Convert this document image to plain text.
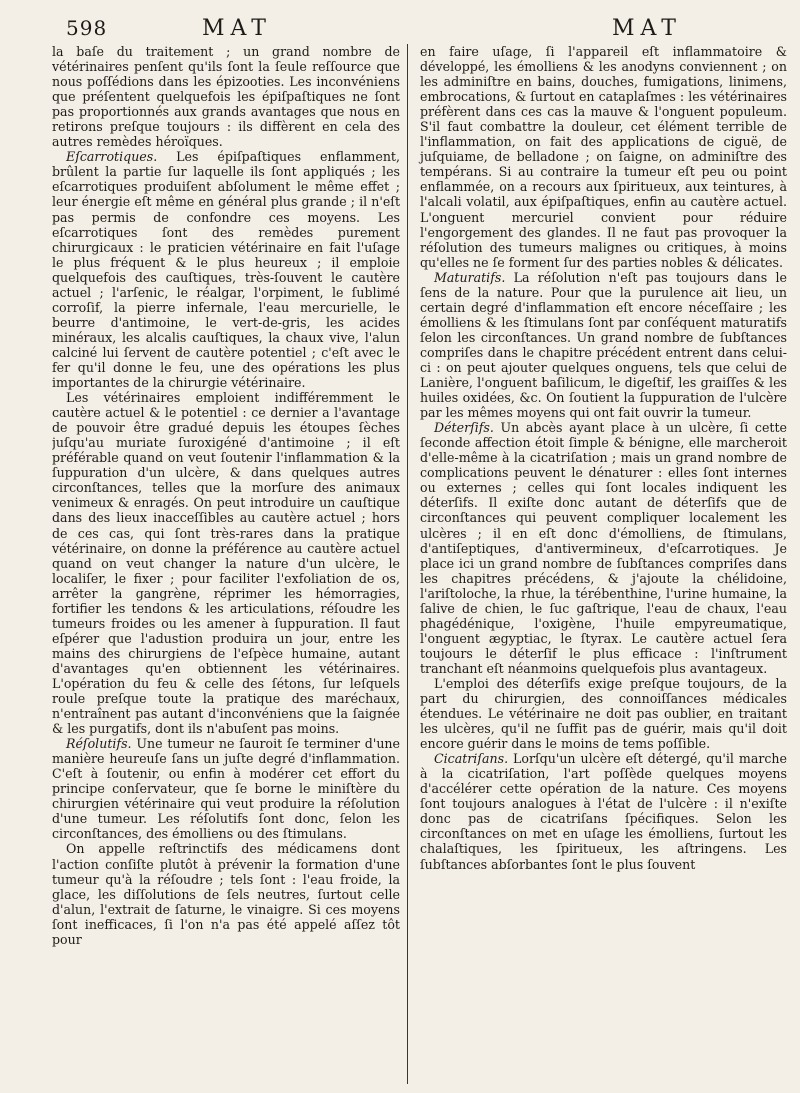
598	MAT	MAT

la baſe du traitement ; un grand nombre de vétérinaires penſent qu'ils ſont la ſeule reſſource que nous poſſédions dans les épizooties. Les inconvéniens que préſentent quelquefois les épiſpaſtiques ne ſont pas proportionnés aux grands avantages que nous en retirons preſque toujours : ils diffèrent en cela des autres remèdes héroïques.

Eſcarrotiques. Les épiſpaſtiques enflamment, brûlent la partie ſur laquelle ils ſont appliqués ; les eſcarrotiques produiſent abſolument le même effet ; leur énergie eſt même en général plus grande ; il n'eſt pas permis de confondre ces moyens. Les eſcarrotiques ſont des remèdes purement chirurgicaux : le praticien vétérinaire en fait l'uſage le plus fréquent & le plus heureux ; il emploie quelquefois des cauſtiques, très-ſouvent le cautère actuel ; l'arſenic, le réalgar, l'orpiment, le ſublimé corroſif, la pierre infernale, l'eau mercurielle, le beurre d'antimoine, le vert-de-gris, les acides minéraux, les alcalis cauſtiques, la chaux vive, l'alun calciné lui ſervent de cautère potentiel ; c'eſt avec le fer qu'il donne le feu, une des opérations les plus importantes de la chirurgie vétérinaire.

Les vétérinaires emploient indifféremment le cautère actuel & le potentiel : ce dernier a l'avantage de pouvoir être gradué depuis les étoupes ſèches juſqu'au muriate ſuroxigéné d'antimoine ; il eſt préférable quand on veut ſoutenir l'inflammation & la ſuppuration d'un ulcère, & dans quelques autres circonſtances, telles que la morſure des animaux venimeux & enragés. On peut introduire un cauſtique dans des lieux inacceſſibles au cautère actuel ; hors de ces cas, qui ſont très-rares dans la pratique vétérinaire, on donne la préférence au cautère actuel quand on veut changer la nature d'un ulcère, le localiſer, le fixer ; pour faciliter l'exfoliation de os, arrêter la gangrène, réprimer les hémorragies, fortifier les tendons & les articulations, réſoudre les tumeurs froides ou les amener à ſuppuration. Il faut eſpérer que l'adustion produira un jour, entre les mains des chirurgiens de l'eſpèce humaine, autant d'avantages qu'en obtiennent les vétérinaires. L'opération du feu & celle des ſétons, ſur leſquels roule preſque toute la pratique des maréchaux, n'entraînent pas autant d'inconvéniens que la ſaignée & les purgatifs, dont ils n'abuſent pas moins.

Réſolutifs. Une tumeur ne ſauroit ſe terminer d'une manière heureuſe ſans un juſte degré d'inflammation. C'eſt à ſoutenir, ou enfin à modérer cet effort du principe conſervateur, que ſe borne le miniſtère du chirurgien vétérinaire qui veut produire la réſolution d'une tumeur. Les réſolutifs ſont donc, ſelon les circonſtances, des émolliens ou des ſtimulans.

On appelle reſtrinctifs des médicamens dont l'action conſiſte plutôt à prévenir la formation d'une tumeur qu'à la réſoudre ; tels ſont : l'eau froide, la glace, les diſſolutions de ſels neutres, ſurtout celle d'alun, l'extrait de ſaturne, le vinaigre. Si ces moyens ſont inefficaces, ſi l'on n'a pas été appelé aſſez tôt pour

en faire uſage, ſi l'appareil eſt inflammatoire & développé, les émolliens & les anodyns conviennent ; on les adminiſtre en bains, douches, fumigations, linimens, embrocations, & ſurtout en cataplaſmes : les vétérinaires préfèrent dans ces cas la mauve & l'onguent populeum. S'il faut combattre la douleur, cet élément terrible de l'inflammation, on fait des applications de ciguë, de juſquiame, de belladone ; on ſaigne, on adminiſtre des tempérans. Si au contraire la tumeur eſt peu ou point enflammée, on a recours aux ſpiritueux, aux teintures, à l'alcali volatil, aux épiſpaſtiques, enfin au cautère actuel. L'onguent mercuriel convient pour réduire l'engorgement des glandes. Il ne faut pas provoquer la réſolution des tumeurs malignes ou critiques, à moins qu'elles ne ſe forment ſur des parties nobles & délicates.

Maturatifs. La réſolution n'eſt pas toujours dans le ſens de la nature. Pour que la purulence ait lieu, un certain degré d'inflammation eſt encore néceſſaire ; les émolliens & les ſtimulans ſont par conſéquent maturatifs ſelon les circonſtances. Un grand nombre de ſubſtances compriſes dans le chapitre précédent entrent dans celui-ci : on peut ajouter quelques onguens, tels que celui de Lanière, l'onguent baſilicum, le digeſtif, les graiſſes & les huiles oxidées, &c. On ſoutient la ſuppuration de l'ulcère par les mêmes moyens qui ont fait ouvrir la tumeur.

Déterſifs. Un abcès ayant place à un ulcère, ſi cette ſeconde affection étoit ſimple & bénigne, elle marcheroit d'elle-même à la cicatriſation ; mais un grand nombre de complications peuvent le dénaturer : elles ſont internes ou externes ; celles qui ſont locales indiquent les déterſifs. Il exiſte donc autant de déterſifs que de circonſtances qui peuvent compliquer localement les ulcères ; il en eſt donc d'émolliens, de ſtimulans, d'antiſeptiques, d'antivermineux, d'eſcarrotiques. Je place ici un grand nombre de ſubſtances compriſes dans les chapitres précédens, & j'ajoute la chélidoine, l'ariſtoloche, la rhue, la térébenthine, l'urine humaine, la ſalive de chien, le ſuc gaſtrique, l'eau de chaux, l'eau phagédénique, l'oxigène, l'huile empyreumatique, l'onguent ægyptiac, le ſtyrax. Le cautère actuel ſera toujours le déterſif le plus efficace : l'inſtrument tranchant eſt néanmoins quelquefois plus avantageux.

L'emploi des déterſifs exige preſque toujours, de la part du chirurgien, des connoiſſances médicales étendues. Le vétérinaire ne doit pas oublier, en traitant les ulcères, qu'il ne ſuffit pas de guérir, mais qu'il doit encore guérir dans le moins de tems poſſible.

Cicatriſans. Lorſqu'un ulcère eſt détergé, qu'il marche à la cicatriſation, l'art poſſède quelques moyens d'accélérer cette opération de la nature. Ces moyens ſont toujours analogues à l'état de l'ulcère : il n'exiſte donc pas de cicatriſans ſpécifiques. Selon les circonſtances on met en uſage les émolliens, ſurtout les chalaſtiques, les ſpiritueux, les aſtringens. Les ſubſtances abſorbantes ſont le plus ſouvent
